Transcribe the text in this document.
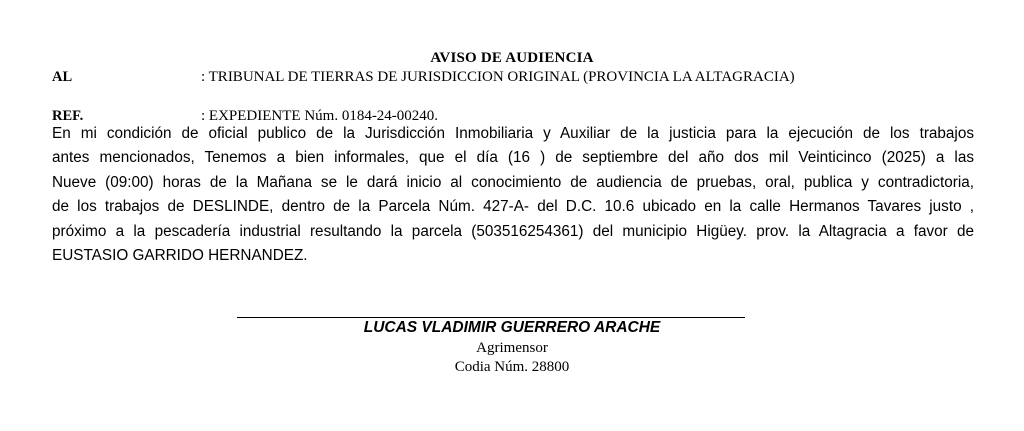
AVISO DE AUDIENCIA
AL	: TRIBUNAL DE TIERRAS DE JURISDICCION ORIGINAL (PROVINCIA LA ALTAGRACIA)
REF.	: EXPEDIENTE Núm. 0184-24-00240.
En mi condición de oficial publico de la Jurisdicción Inmobiliaria y Auxiliar de la justicia para la ejecución de los trabajos
antes mencionados, Tenemos a bien informales, que el día (16 ) de septiembre del año dos mil Veinticinco (2025) a las
Nueve (09:00) horas de la Mañana se le dará inicio al conocimiento de audiencia de pruebas, oral, publica y contradictoria,
de los trabajos de DESLINDE, dentro de la Parcela Núm. 427-A- del D.C. 10.6 ubicado en la calle Hermanos Tavares justo ,
próximo a la pescadería industrial resultando la parcela (503516254361) del municipio Higüey. prov. la Altagracia a favor de
EUSTASIO GARRIDO HERNANDEZ.
LUCAS VLADIMIR GUERRERO ARACHE
Agrimensor
Codia Núm. 28800
